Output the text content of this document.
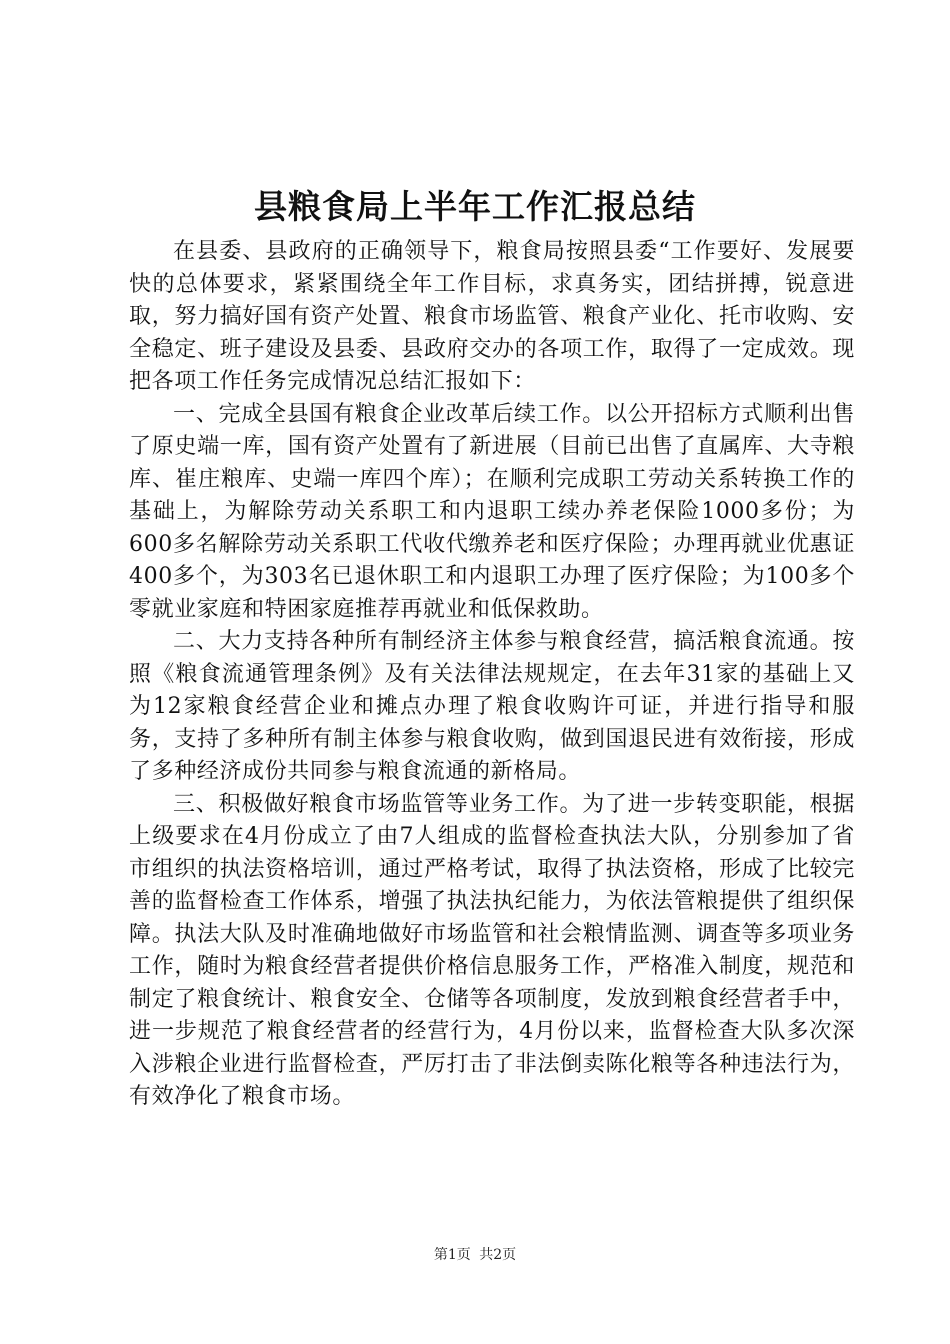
县粮食局上半年工作汇报总结

在县委、县政府的正确领导下，粮食局按照县委“工作要好、发展要快的总体要求，紧紧围绕全年工作目标，求真务实，团结拼搏，锐意进取，努力搞好国有资产处置、粮食市场监管、粮食产业化、托市收购、安全稳定、班子建设及县委、县政府交办的各项工作，取得了一定成效。现把各项工作任务完成情况总结汇报如下：

一、完成全县国有粮食企业改革后续工作。以公开招标方式顺利出售了原史端一库，国有资产处置有了新进展（目前已出售了直属库、大寺粮库、崔庄粮库、史端一库四个库）；在顺利完成职工劳动关系转换工作的基础上，为解除劳动关系职工和内退职工续办养老保险1000多份；为600多名解除劳动关系职工代收代缴养老和医疗保险；办理再就业优惠证400多个，为303名已退休职工和内退职工办理了医疗保险；为100多个零就业家庭和特困家庭推荐再就业和低保救助。

二、大力支持各种所有制经济主体参与粮食经营，搞活粮食流通。按照《粮食流通管理条例》及有关法律法规规定，在去年31家的基础上又为12家粮食经营企业和摊点办理了粮食收购许可证，并进行指导和服务，支持了多种所有制主体参与粮食收购，做到国退民进有效衔接，形成了多种经济成份共同参与粮食流通的新格局。

三、积极做好粮食市场监管等业务工作。为了进一步转变职能，根据上级要求在4月份成立了由7人组成的监督检查执法大队，分别参加了省市组织的执法资格培训，通过严格考试，取得了执法资格，形成了比较完善的监督检查工作体系，增强了执法执纪能力，为依法管粮提供了组织保障。执法大队及时准确地做好市场监管和社会粮情监测、调查等多项业务工作，随时为粮食经营者提供价格信息服务工作，严格准入制度，规范和制定了粮食统计、粮食安全、仓储等各项制度，发放到粮食经营者手中，进一步规范了粮食经营者的经营行为，4月份以来，监督检查大队多次深入涉粮企业进行监督检查，严厉打击了非法倒卖陈化粮等各种违法行为，有效净化了粮食市场。

第1页 共2页
